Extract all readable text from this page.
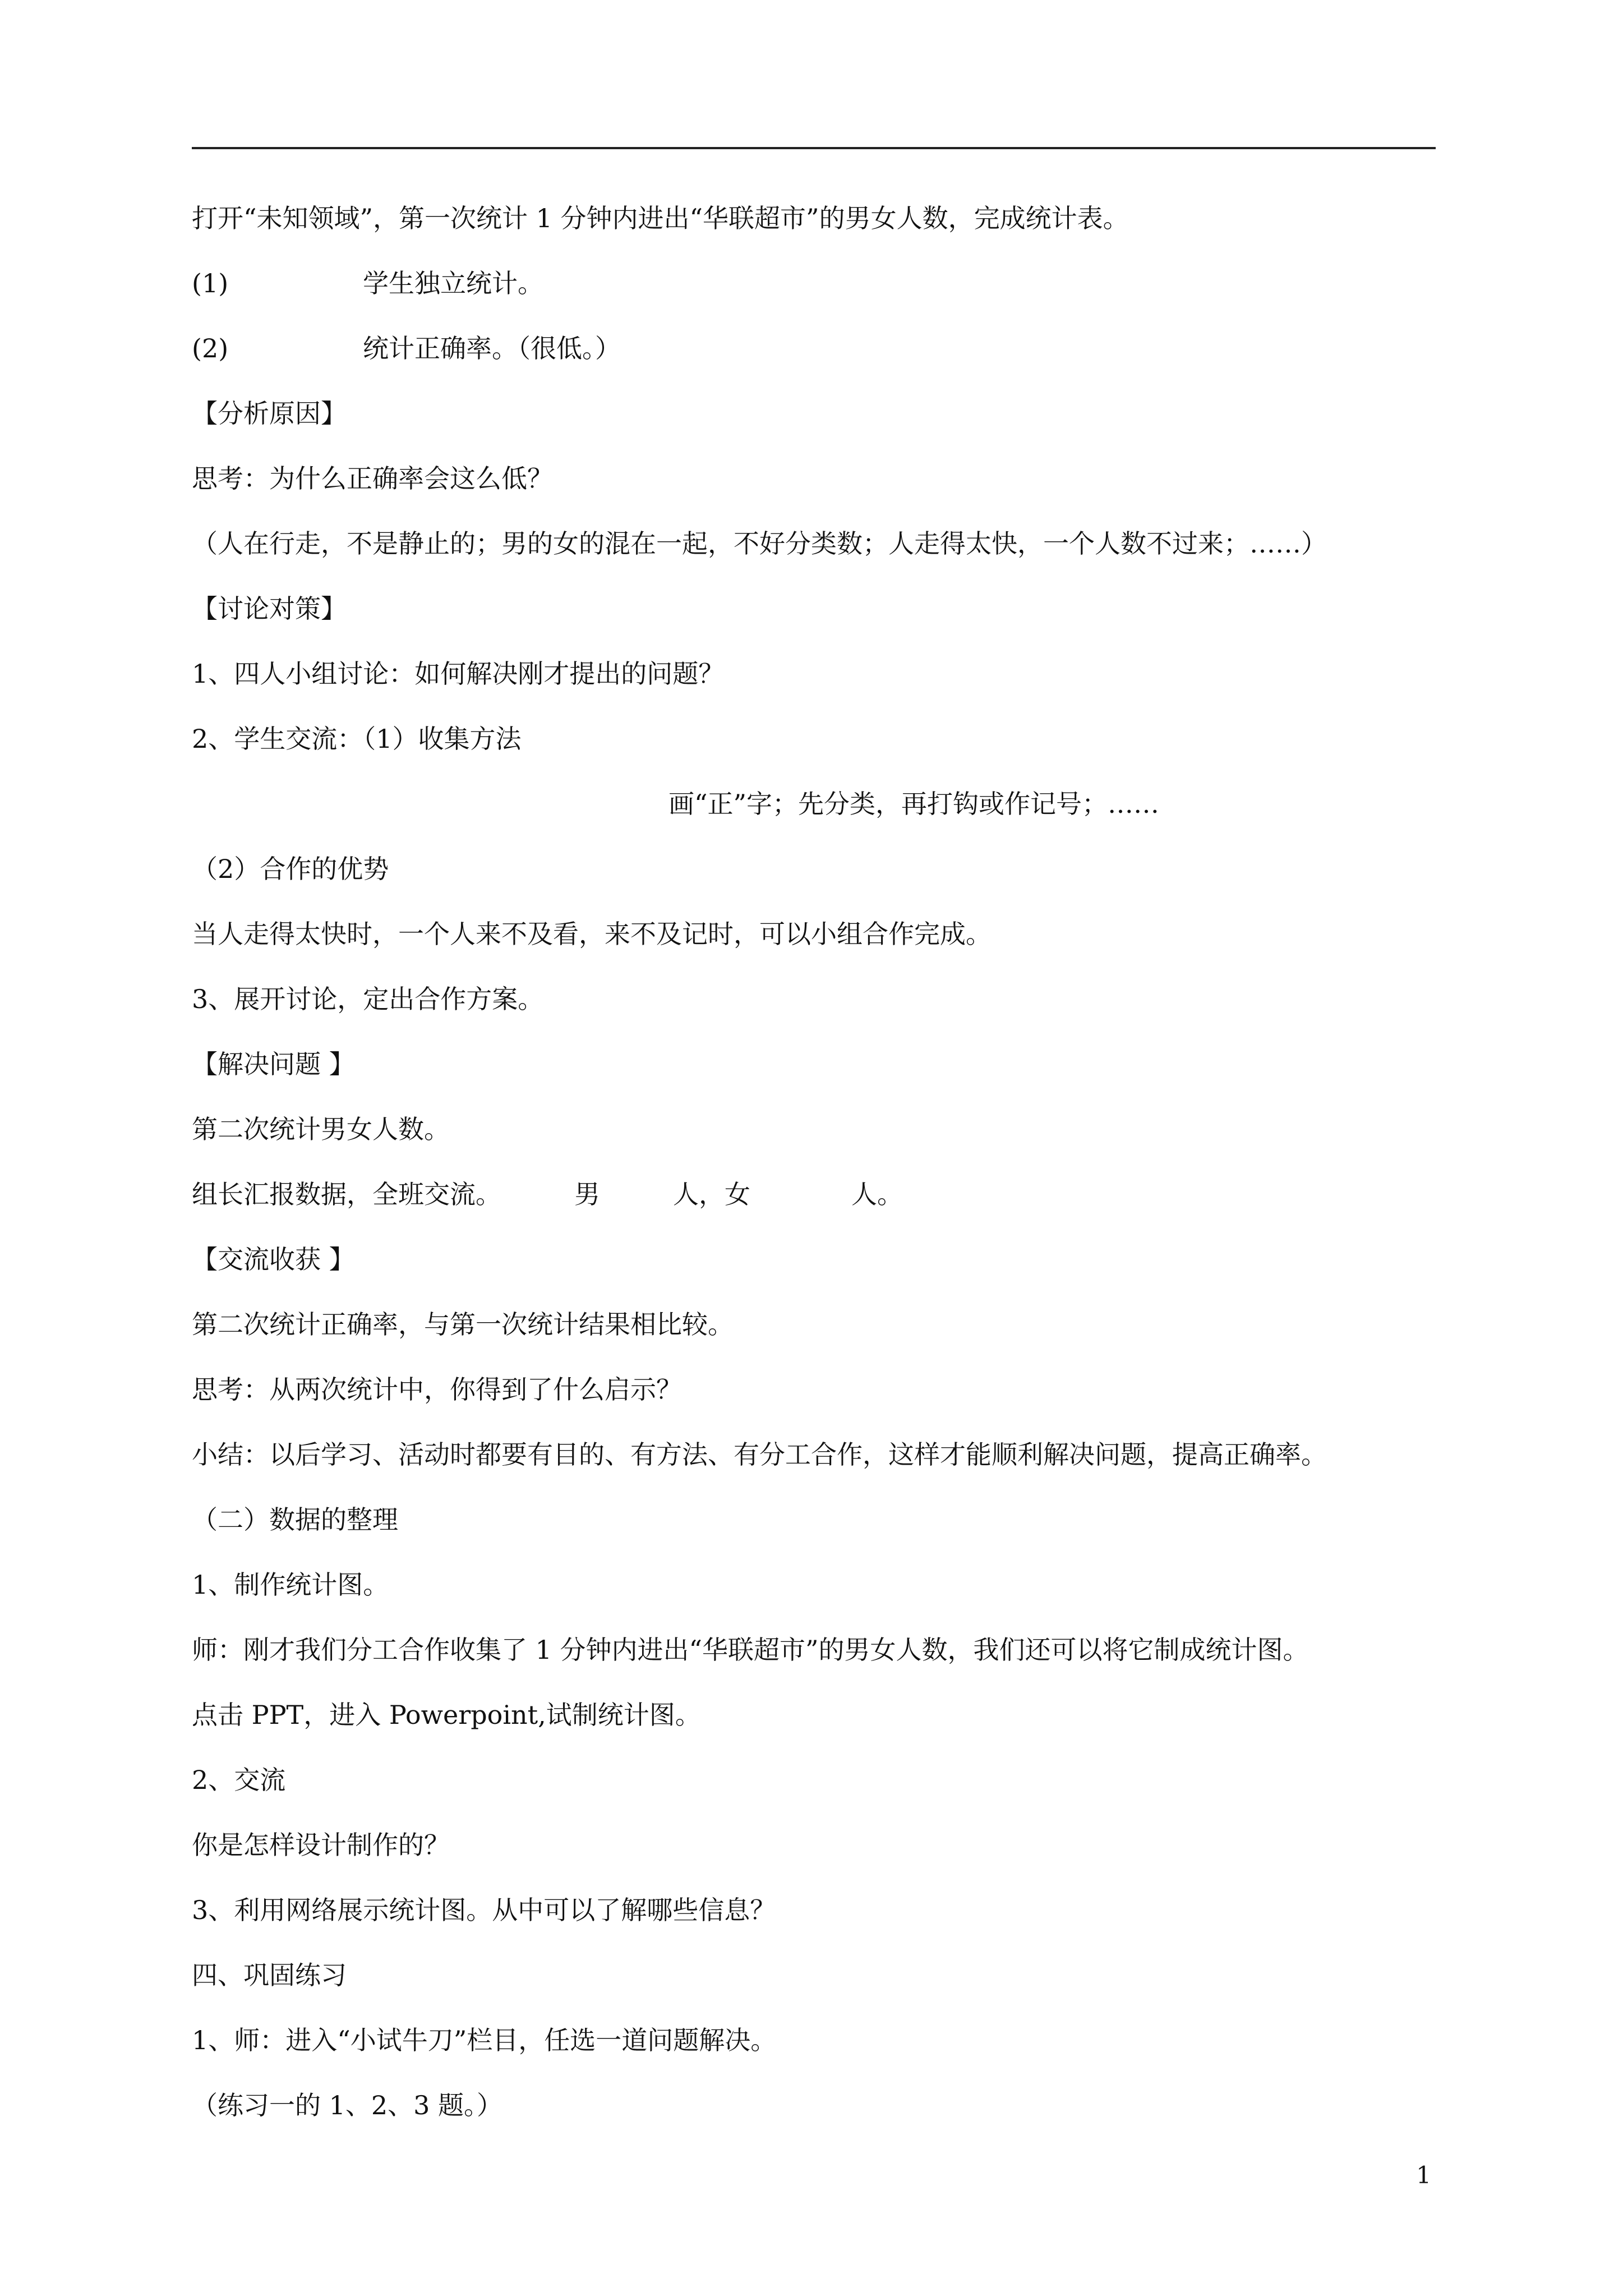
打开“未知领域”，第一次统计 1 分钟内进出“华联超市”的男女人数，完成统计表。
(1)	学生独立统计。
(2)	统计正确率。（很低。）
【分析原因】
思考：为什么正确率会这么低？
（人在行走，不是静止的；男的女的混在一起，不好分类数；人走得太快，一个人数不过来；……）
【讨论对策】
1、四人小组讨论：如何解决刚才提出的问题？
2、学生交流：（1）收集方法
画“正”字；先分类，再打钩或作记号；……
（2）合作的优势
当人走得太快时，一个人来不及看，来不及记时，可以小组合作完成。
3、展开讨论，定出合作方案。
【解决问题 】
第二次统计男女人数。
组长汇报数据，全班交流。	男	人，女	人。
【交流收获 】
第二次统计正确率，与第一次统计结果相比较。
思考：从两次统计中，你得到了什么启示？
小结：以后学习、活动时都要有目的、有方法、有分工合作，这样才能顺利解决问题，提高正确率。
（二）数据的整理
1、制作统计图。
师：刚才我们分工合作收集了 1 分钟内进出“华联超市”的男女人数，我们还可以将它制成统计图。
点击 PPT，进入 Powerpoint,试制统计图。
2、交流
你是怎样设计制作的？
3、利用网络展示统计图。从中可以了解哪些信息？
四、巩固练习
1、师：进入“小试牛刀”栏目，任选一道问题解决。
（练习一的 1、2、3 题。）
1
